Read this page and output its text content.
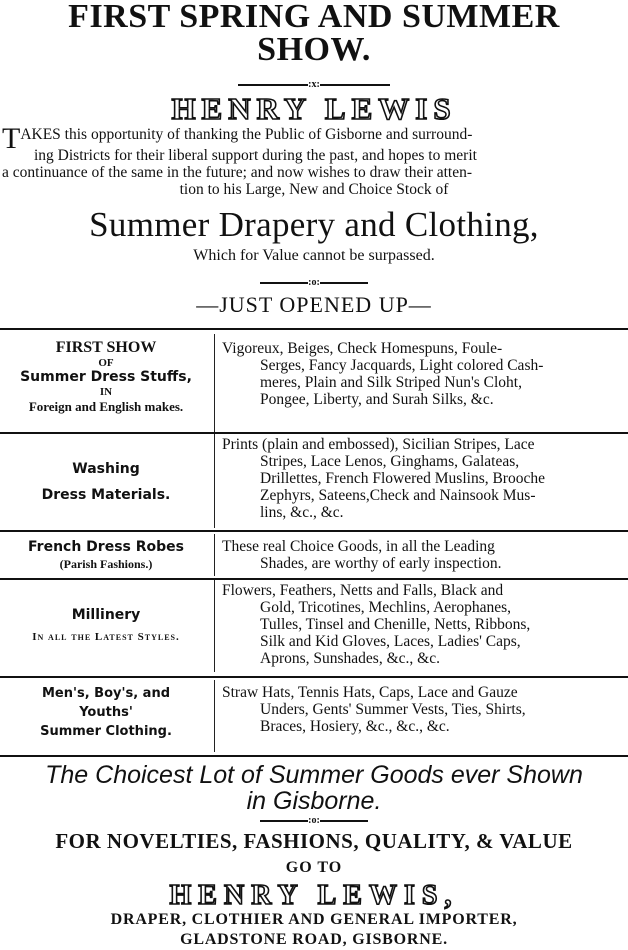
FIRST SPRING AND SUMMER
SHOW.
:x:
HENRY LEWIS
TAKES this opportunity of thanking the Public of Gisborne and surround-
ing Districts for their liberal support during the past, and hopes to merit
a continuance of the same in the future; and now wishes to draw their atten-
tion to his Large, New and Choice Stock of
Summer Drapery and Clothing,
Which for Value cannot be surpassed.
:o:
—JUST OPENED UP—
FIRST SHOW
OF
Summer Dress Stuffs,
IN
Foreign and English makes.
Vigoreux, Beiges, Check Homespuns, Foule-
Serges, Fancy Jacquards, Light colored Cash-
meres, Plain and Silk Striped Nun's Cloht,
Pongee, Liberty, and Surah Silks, &c.
Washing
Dress Materials.
Prints (plain and embossed), Sicilian Stripes, Lace
Stripes, Lace Lenos, Ginghams, Galateas,
Drillettes, French Flowered Muslins, Brooche
Zephyrs, Sateens,Check and Nainsook Mus-
lins, &c., &c.
French Dress Robes
(Parish Fashions.)
These real Choice Goods, in all the Leading
Shades, are worthy of early inspection.
Millinery
In all the Latest Styles.
Flowers, Feathers, Netts and Falls, Black and
Gold, Tricotines, Mechlins, Aerophanes,
Tulles, Tinsel and Chenille, Netts, Ribbons,
Silk and Kid Gloves, Laces, Ladies' Caps,
Aprons, Sunshades, &c., &c.
Men's, Boy's, and
Youths'
Summer Clothing.
Straw Hats, Tennis Hats, Caps, Lace and Gauze
Unders, Gents' Summer Vests, Ties, Shirts,
Braces, Hosiery, &c., &c., &c.
The Choicest Lot of Summer Goods ever Shown
in Gisborne.
:o:
FOR NOVELTIES, FASHIONS, QUALITY, & VALUE
GO TO
HENRY LEWIS,
DRAPER, CLOTHIER AND GENERAL IMPORTER,
GLADSTONE ROAD, GISBORNE.
